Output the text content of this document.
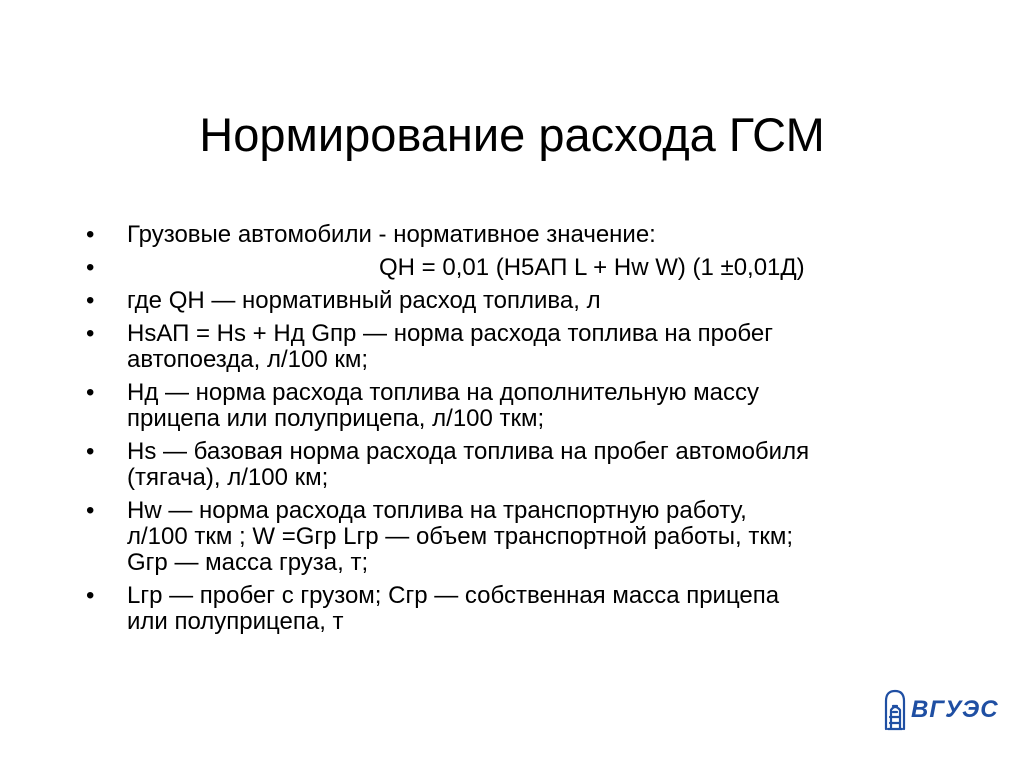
Нормирование расхода ГСМ
•	Грузовые автомобили - нормативное значение:
•	QН = 0,01 (Н5АП L + Нw W) (1 ±0,01Д)
•	где QН — нормативный расход топлива, л
•	НsАП = Нs + Нд Gпр — норма расхода топлива на пробег
автопоезда, л/100 км;
•	Нд — норма расхода топлива на дополнительную массу
прицепа или полуприцепа, л/100 ткм;
•	Нs — базовая норма расхода топлива на пробег автомобиля
(тягача), л/100 км;
•	Нw — норма расхода топлива на транспортную работу,
л/100 ткм ; W =Gгр Lгр — объем транспортной работы, ткм;
Gгр — масса груза, т;
•	Lгр — пробег с грузом; Сгр — собственная масса прицепа
или полуприцепа, т
ВГУЭС
